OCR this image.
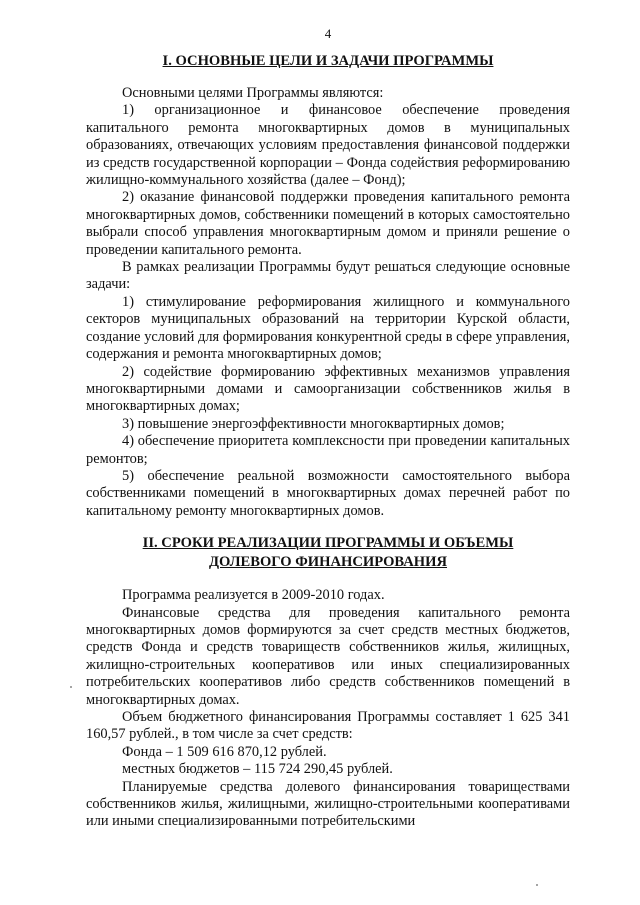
4

I. ОСНОВНЫЕ ЦЕЛИ И ЗАДАЧИ ПРОГРАММЫ

Основными целями Программы являются:

1) организационное и финансовое обеспечение проведения капитального ремонта многоквартирных домов в муниципальных образованиях, отвечающих условиям предоставления финансовой поддержки из средств государственной корпорации – Фонда содействия реформированию жилищно-коммунального хозяйства (далее – Фонд);

2) оказание финансовой поддержки проведения капитального ремонта многоквартирных домов, собственники помещений в которых самостоятельно выбрали способ управления многоквартирным домом и приняли решение о проведении капитального ремонта.

В рамках реализации Программы будут решаться следующие основные задачи:

1) стимулирование реформирования жилищного и коммунального секторов муниципальных образований на территории Курской области, создание условий для формирования конкурентной среды в сфере управления, содержания и ремонта многоквартирных домов;

2) содействие формированию эффективных механизмов управления многоквартирными домами и самоорганизации собственников жилья в многоквартирных домах;

3) повышение энергоэффективности многоквартирных домов;

4) обеспечение приоритета комплексности при проведении капитальных ремонтов;

5) обеспечение реальной возможности самостоятельного выбора собственниками помещений в многоквартирных домах перечней работ по капитальному ремонту многоквартирных домов.

II. СРОКИ РЕАЛИЗАЦИИ ПРОГРАММЫ И ОБЪЕМЫ
ДОЛЕВОГО ФИНАНСИРОВАНИЯ

Программа реализуется в 2009-2010 годах.

Финансовые средства для проведения капитального ремонта многоквартирных домов формируются за счет средств местных бюджетов, средств Фонда и средств товариществ собственников жилья, жилищных, жилищно-строительных кооперативов или иных специализированных потребительских кооперативов либо средств собственников помещений в многоквартирных домах.

Объем бюджетного финансирования Программы составляет 1 625 341 160,57 рублей., в том числе за счет средств:

Фонда – 1 509 616 870,12 рублей.

местных бюджетов – 115 724 290,45 рублей.

Планируемые средства долевого финансирования товариществами собственников жилья, жилищными, жилищно-строительными кооперативами или иными специализированными потребительскими
